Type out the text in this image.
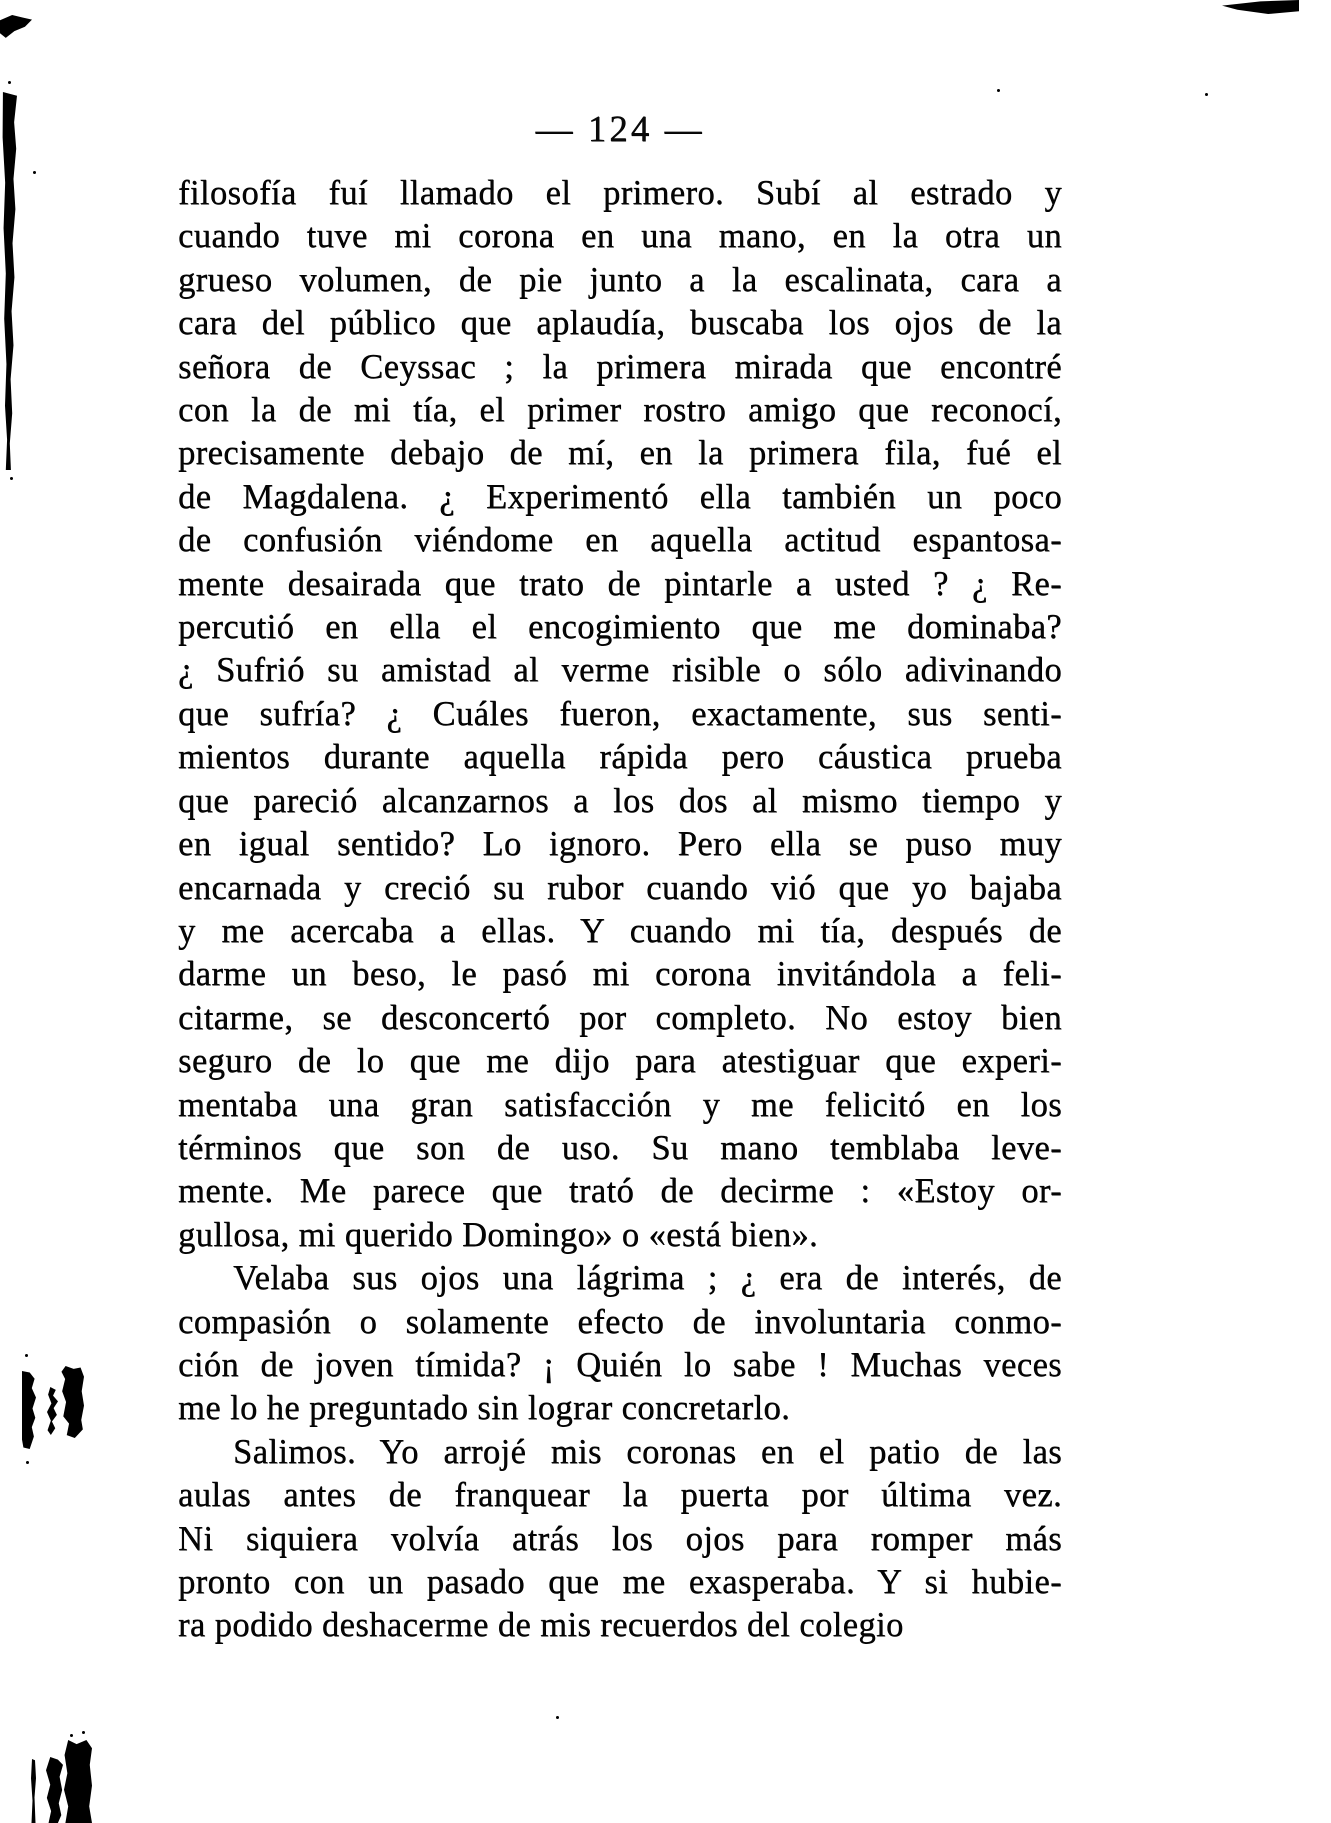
— 124 —
filosofía fuí llamado el primero. Subí al estrado y
cuando tuve mi corona en una mano, en la otra un
grueso volumen, de pie junto a la escalinata, cara a
cara del público que aplaudía, buscaba los ojos de la
señora de Ceyssac ; la primera mirada que encontré
con la de mi tía, el primer rostro amigo que reconocí,
precisamente debajo de mí, en la primera fila, fué el
de Magdalena. ¿ Experimentó ella también un poco
de confusión viéndome en aquella actitud espantosa-
mente desairada que trato de pintarle a usted ? ¿ Re-
percutió en ella el encogimiento que me dominaba?
¿ Sufrió su amistad al verme risible o sólo adivinando
que sufría? ¿ Cuáles fueron, exactamente, sus senti-
mientos durante aquella rápida pero cáustica prueba
que pareció alcanzarnos a los dos al mismo tiempo y
en igual sentido? Lo ignoro. Pero ella se puso muy
encarnada y creció su rubor cuando vió que yo bajaba
y me acercaba a ellas. Y cuando mi tía, después de
darme un beso, le pasó mi corona invitándola a feli-
citarme, se desconcertó por completo. No estoy bien
seguro de lo que me dijo para atestiguar que experi-
mentaba una gran satisfacción y me felicitó en los
términos que son de uso. Su mano temblaba leve-
mente. Me parece que trató de decirme : «Estoy or-
gullosa, mi querido Domingo» o «está bien».
Velaba sus ojos una lágrima ; ¿ era de interés, de
compasión o solamente efecto de involuntaria conmo-
ción de joven tímida? ¡ Quién lo sabe ! Muchas veces
me lo he preguntado sin lograr concretarlo.
Salimos. Yo arrojé mis coronas en el patio de las
aulas antes de franquear la puerta por última vez.
Ni siquiera volvía atrás los ojos para romper más
pronto con un pasado que me exasperaba. Y si hubie-
ra podido deshacerme de mis recuerdos del colegio
